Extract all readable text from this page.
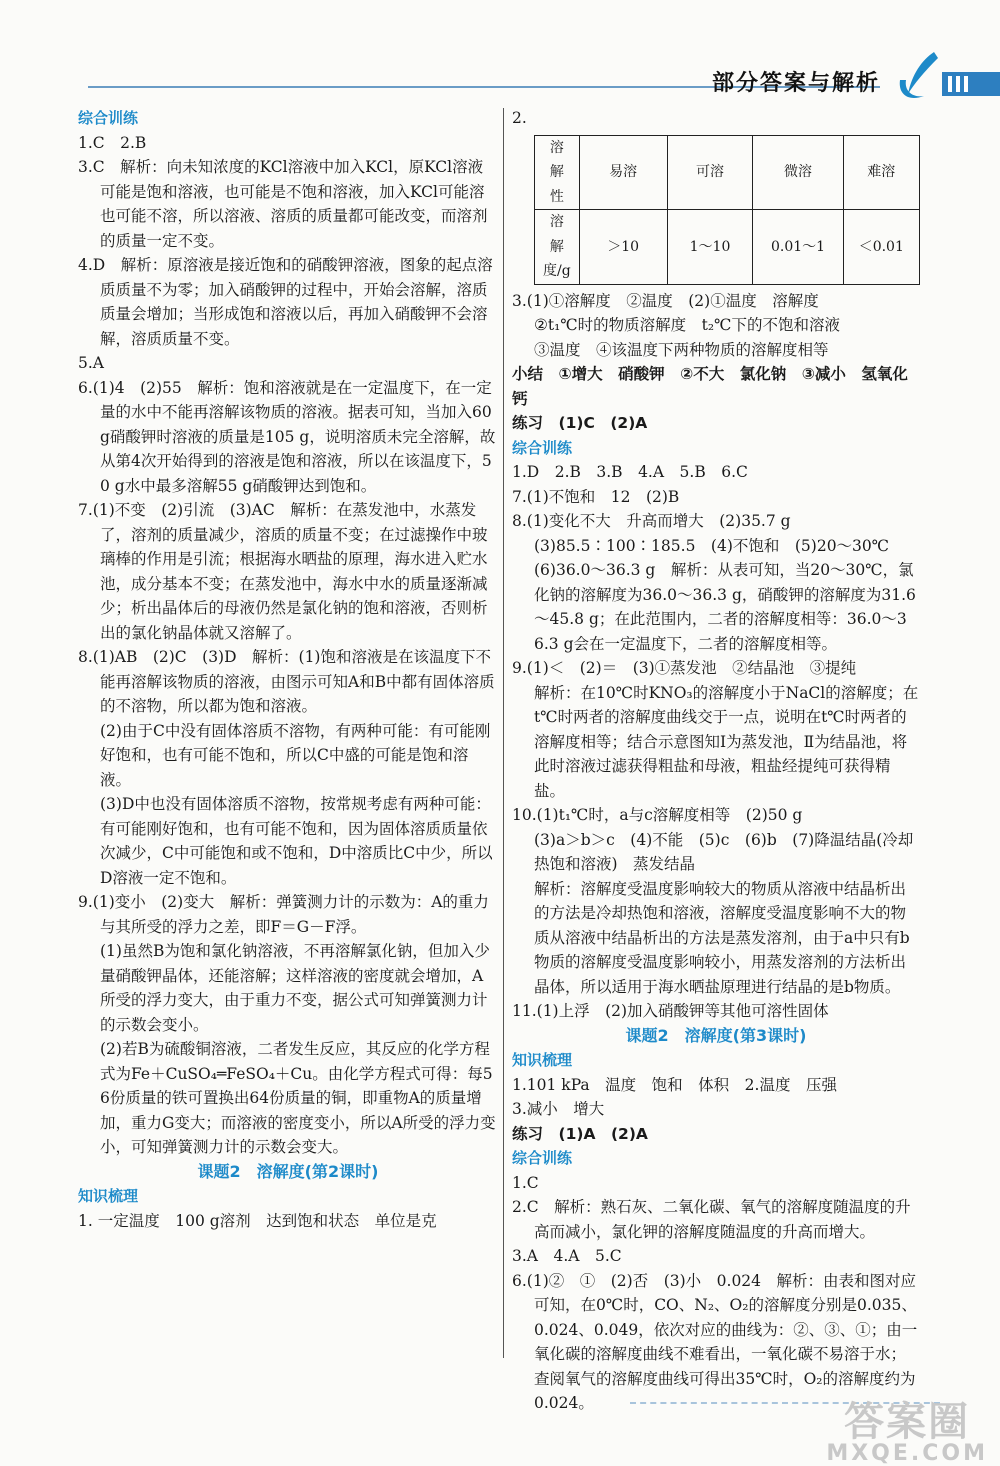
部分答案与解析

综合训练

1.C　2.B

3.C　解析：向未知浓度的KCl溶液中加入KCl，原KCl溶液可能是饱和溶液，也可能是不饱和溶液，加入KCl可能溶也可能不溶，所以溶液、溶质的质量都可能改变，而溶剂的质量一定不变。

4.D　解析：原溶液是接近饱和的硝酸钾溶液，图象的起点溶质质量不为零；加入硝酸钾的过程中，开始会溶解，溶质质量会增加；当形成饱和溶液以后，再加入硝酸钾不会溶解，溶质质量不变。

5.A

6.(1)4　(2)55　解析：饱和溶液就是在一定温度下，在一定量的水中不能再溶解该物质的溶液。据表可知，当加入60 g硝酸钾时溶液的质量是105 g，说明溶质未完全溶解，故从第4次开始得到的溶液是饱和溶液，所以在该温度下，50 g水中最多溶解55 g硝酸钾达到饱和。

7.(1)不变　(2)引流　(3)AC　解析：在蒸发池中，水蒸发了，溶剂的质量减少，溶质的质量不变；在过滤操作中玻璃棒的作用是引流；根据海水晒盐的原理，海水进入贮水池，成分基本不变；在蒸发池中，海水中水的质量逐渐减少；析出晶体后的母液仍然是氯化钠的饱和溶液，否则析出的氯化钠晶体就又溶解了。

8.(1)AB　(2)C　(3)D　解析：(1)饱和溶液是在该温度下不能再溶解该物质的溶液，由图示可知A和B中都有固体溶质的不溶物，所以都为饱和溶液。

(2)由于C中没有固体溶质不溶物，有两种可能：有可能刚好饱和，也有可能不饱和，所以C中盛的可能是饱和溶液。

(3)D中也没有固体溶质不溶物，按常规考虑有两种可能：有可能刚好饱和，也有可能不饱和，因为固体溶质质量依次减少，C中可能饱和或不饱和，D中溶质比C中少，所以D溶液一定不饱和。

9.(1)变小　(2)变大　解析：弹簧测力计的示数为：A的重力与其所受的浮力之差，即F＝G－F浮。

(1)虽然B为饱和氯化钠溶液，不再溶解氯化钠，但加入少量硝酸钾晶体，还能溶解；这样溶液的密度就会增加，A所受的浮力变大，由于重力不变，据公式可知弹簧测力计的示数会变小。

(2)若B为硫酸铜溶液，二者发生反应，其反应的化学方程式为Fe＋CuSO₄═FeSO₄＋Cu。由化学方程式可得：每56份质量的铁可置换出64份质量的铜，即重物A的质量增加，重力G变大；而溶液的密度变小，所以A所受的浮力变小，可知弹簧测力计的示数会变大。

课题2　溶解度(第2课时)

知识梳理

1. 一定温度　100 g溶剂　达到饱和状态　单位是克

2.

溶解性	易溶	可溶	微溶	难溶
溶解度/g	＞10	1～10	0.01～1	＜0.01

3.(1)①溶解度　②温度　(2)①温度　溶解度

②t₁℃时的物质溶解度　t₂℃下的不饱和溶液

③温度　④该温度下两种物质的溶解度相等

小结　①增大　硝酸钾　②不大　氯化钠　③减小　氢氧化钙

练习　(1)C　(2)A

综合训练

1.D　2.B　3.B　4.A　5.B　6.C

7.(1)不饱和　12　(2)B

8.(1)变化不大　升高而增大　(2)35.7 g

(3)85.5∶100∶185.5　(4)不饱和　(5)20～30℃

(6)36.0～36.3 g　解析：从表可知，当20～30℃，氯化钠的溶解度为36.0～36.3 g，硝酸钾的溶解度为31.6～45.8 g；在此范围内，二者的溶解度相等：36.0～36.3 g会在一定温度下，二者的溶解度相等。

9.(1)＜　(2)＝　(3)①蒸发池　②结晶池　③提纯

解析：在10℃时KNO₃的溶解度小于NaCl的溶解度；在t℃时两者的溶解度曲线交于一点，说明在t℃时两者的溶解度相等；结合示意图知Ⅰ为蒸发池，Ⅱ为结晶池，将此时溶液过滤获得粗盐和母液，粗盐经提纯可获得精盐。

10.(1)t₁℃时，a与c溶解度相等　(2)50 g

(3)a＞b＞c　(4)不能　(5)c　(6)b　(7)降温结晶(冷却热饱和溶液)　蒸发结晶

解析：溶解度受温度影响较大的物质从溶液中结晶析出的方法是冷却热饱和溶液，溶解度受温度影响不大的物质从溶液中结晶析出的方法是蒸发溶剂，由于a中只有b物质的溶解度受温度影响较小，用蒸发溶剂的方法析出晶体，所以适用于海水晒盐原理进行结晶的是b物质。

11.(1)上浮　(2)加入硝酸钾等其他可溶性固体

课题2　溶解度(第3课时)

知识梳理

1.101 kPa　温度　饱和　体积　2.温度　压强

3.减小　增大

练习　(1)A　(2)A

综合训练

1.C

2.C　解析：熟石灰、二氧化碳、氧气的溶解度随温度的升高而减小，氯化钾的溶解度随温度的升高而增大。

3.A　4.A　5.C

6.(1)②　①　(2)否　(3)小　0.024　解析：由表和图对应可知，在0℃时，CO、N₂、O₂的溶解度分别是0.035、0.024、0.049，依次对应的曲线为：②、③、①；由一氧化碳的溶解度曲线不难看出，一氧化碳不易溶于水；查阅氧气的溶解度曲线可得出35℃时，O₂的溶解度约为0.024。	答案圈
MXQE.COM
